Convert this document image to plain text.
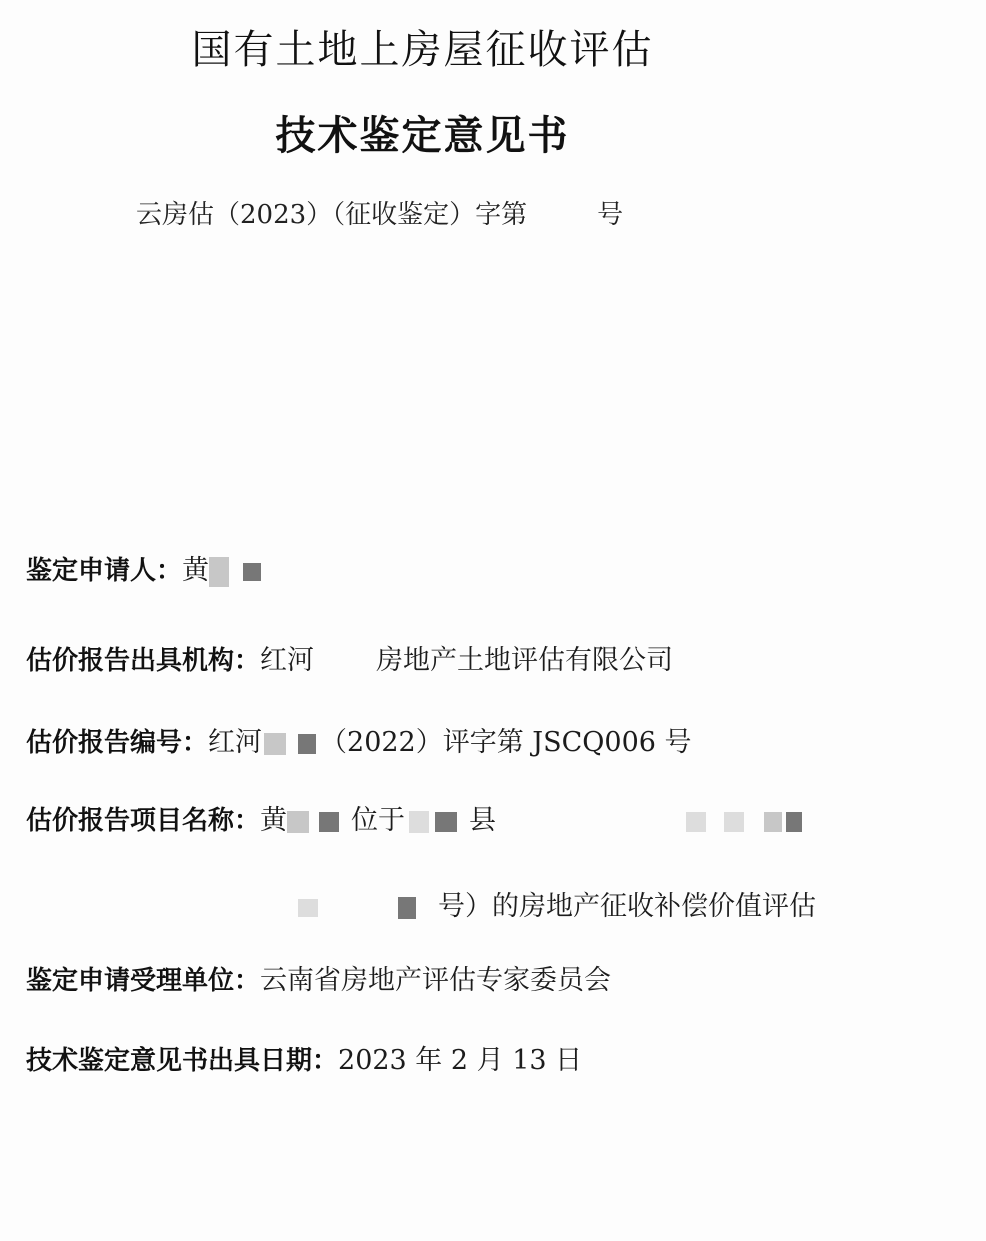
国有土地上房屋征收评估
技术鉴定意见书
云房估（2023）（征收鉴定）字第	号
鉴定申请人：黄
估价报告出具机构：红河 房地产土地评估有限公司
估价报告编号：红河 （2022）评字第 JSCQ006 号
估价报告项目名称：黄 位于 县
号）的房地产征收补偿价值评估
鉴定申请受理单位：云南省房地产评估专家委员会
技术鉴定意见书出具日期：2023 年 2 月 13 日
